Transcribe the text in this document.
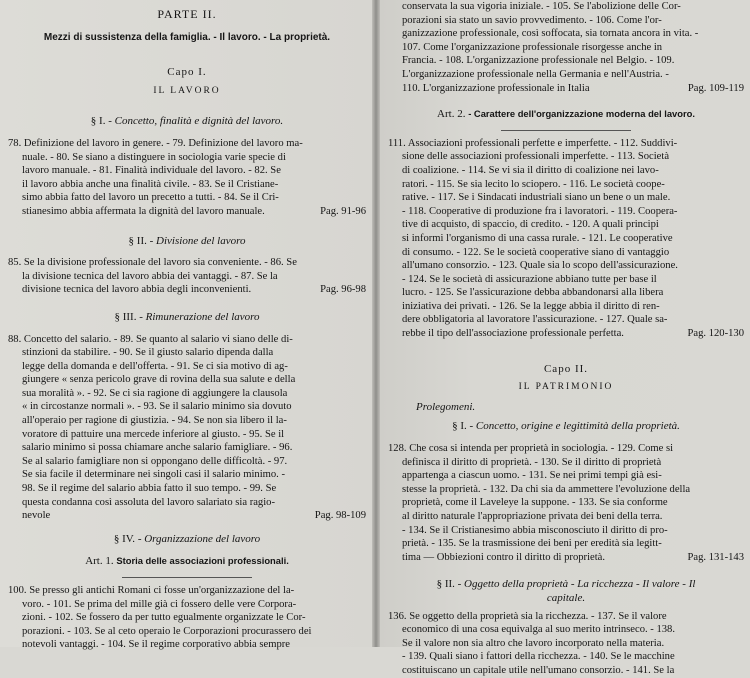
PARTE II.
Mezzi di sussistenza della famiglia. - Il lavoro. - La proprietà.
Capo I.
IL LAVORO
§ I. - Concetto, finalità e dignità del lavoro.
78. Definizione del lavoro in genere. - 79. Definizione del lavoro ma-
nuale. - 80. Se siano a distinguere in sociologia varie specie di
lavoro manuale. - 81. Finalità individuale del lavoro. - 82. Se
il lavoro abbia anche una finalità civile. - 83. Se il Cristiane-
simo abbia fatto del lavoro un precetto a tutti. - 84. Se il Cri-
stianesimo abbia affermata la dignità del lavoro manuale.	Pag. 91-96
§ II. - Divisione del lavoro
85. Se la divisione professionale del lavoro sia conveniente. - 86. Se
la divisione tecnica del lavoro abbia dei vantaggi. - 87. Se la
divisione tecnica del lavoro abbia degli inconvenienti.	Pag. 96-98
§ III. - Rimunerazione del lavoro
88. Concetto del salario. - 89. Se quanto al salario vi siano delle di-
stinzioni da stabilire. - 90. Se il giusto salario dipenda dalla
legge della domanda e dell'offerta. - 91. Se ci sia motivo di ag-
giungere « senza pericolo grave di rovina della sua salute e della
sua moralità ». - 92. Se ci sia ragione di aggiungere la clausola
« in circostanze normali ». - 93. Se il salario minimo sia dovuto
all'operaio per ragione di giustizia. - 94. Se non sia libero il la-
voratore di pattuire una mercede inferiore al giusto. - 95. Se il
salario minimo si possa chiamare anche salario famigliare. - 96.
Se al salario famigliare non si oppongano delle difficoltà. - 97.
Se sia facile il determinare nei singoli casi il salario minimo. -
98. Se il regime del salario abbia fatto il suo tempo. - 99. Se
questa condanna così assoluta del lavoro salariato sia ragio-
nevole	Pag. 98-109
§ IV. - Organizzazione del lavoro
Art. 1. Storia delle associazioni professionali.
100. Se presso gli antichi Romani ci fosse un'organizzazione del la-
voro. - 101. Se prima del mille già ci fossero delle vere Corpora-
zioni. - 102. Se fossero da per tutto egualmente organizzate le Cor-
porazioni. - 103. Se al ceto operaio le Corporazioni procurassero dei
notevoli vantaggi. - 104. Se il regime corporativo abbia sempre
conservata la sua vigoria iniziale. - 105. Se l'abolizione delle Cor-
porazioni sia stato un savio provvedimento. - 106. Come l'or-
ganizzazione professionale, così soffocata, sia tornata ancora in vita. -
107. Come l'organizzazione professionale risorgesse anche in
Francia. - 108. L'organizzazione professionale nel Belgio. - 109.
L'organizzazione professionale nella Germania e nell'Austria. -
110. L'organizzazione professionale in Italia	Pag. 109-119
Art. 2. - Carattere dell'organizzazione moderna del lavoro.
111. Associazioni professionali perfette e imperfette. - 112. Suddivi-
sione delle associazioni professionali imperfette. - 113. Società
di coalizione. - 114. Se vi sia il diritto di coalizione nei lavo-
ratori. - 115. Se sia lecito lo sciopero. - 116. Le società coope-
rative. - 117. Se i Sindacati industriali siano un bene o un male.
- 118. Cooperative di produzione fra i lavoratori. - 119. Coopera-
tive di acquisto, di spaccio, di credito. - 120. A quali principi
si informi l'organismo di una cassa rurale. - 121. Le cooperative
di consumo. - 122. Se le società cooperative siano di vantaggio
all'umano consorzio. - 123. Quale sia lo scopo dell'assicurazione.
- 124. Se le società di assicurazione abbiano tutte per base il
lucro. - 125. Se l'assicurazione debba abbandonarsi alla libera
iniziativa dei privati. - 126. Se la legge abbia il diritto di ren-
dere obbligatoria al lavoratore l'assicurazione. - 127. Quale sa-
rebbe il tipo dell'associazione professionale perfetta.	Pag. 120-130
Capo II.
IL PATRIMONIO
Prolegomeni.
§ I. - Concetto, origine e legittimità della proprietà.
128. Che cosa si intenda per proprietà in sociologia. - 129. Come si
definisca il diritto di proprietà. - 130. Se il diritto di proprietà
appartenga a ciascun uomo. - 131. Se nei primi tempi già esi-
stesse la proprietà. - 132. Da chi sia da ammettere l'evoluzione della
proprietà, come il Laveleye la suppone. - 133. Se sia conforme
al diritto naturale l'appropriazione privata dei beni della terra.
- 134. Se il Cristianesimo abbia misconosciuto il diritto di pro-
prietà. - 135. Se la trasmissione dei beni per eredità sia legitt-
tima — Obbiezioni contro il diritto di proprietà.	Pag. 131-143
§ II. - Oggetto della proprietà - La ricchezza - Il valore - Il
capitale.
136. Se oggetto della proprietà sia la ricchezza. - 137. Se il valore
economico di una cosa equivalga al suo merito intrinseco. - 138.
Se il valore non sia altro che lavoro incorporato nella materia.
- 139. Quali siano i fattori della ricchezza. - 140. Se le macchine
costituiscano un capitale utile nell'umano consorzio. - 141. Se la
